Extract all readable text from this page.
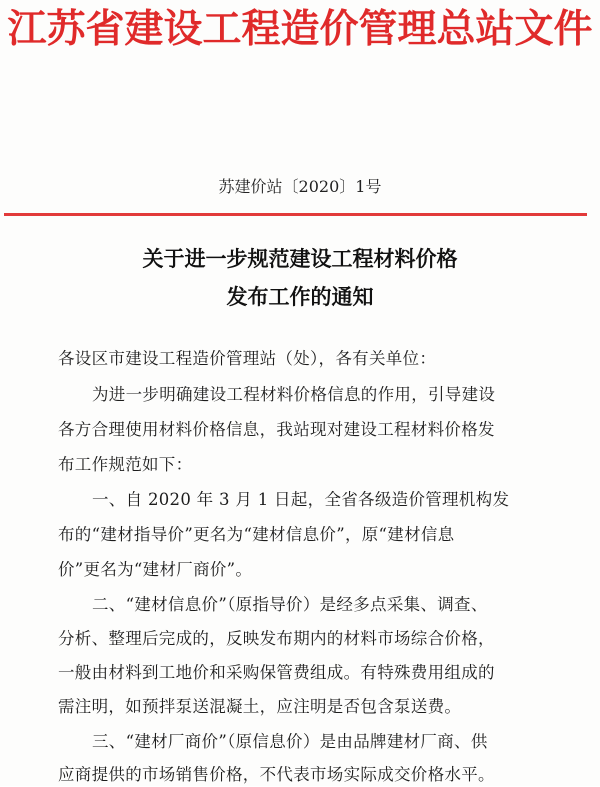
江苏省建设工程造价管理总站文件
苏建价站〔2020〕1号
关于进一步规范建设工程材料价格
发布工作的通知
各设区市建设工程造价管理站（处），各有关单位：
为进一步明确建设工程材料价格信息的作用，引导建设
各方合理使用材料价格信息，我站现对建设工程材料价格发
布工作规范如下：
一、自 2020 年 3 月 1 日起，全省各级造价管理机构发
布的“建材指导价”更名为“建材信息价”，原“建材信息
价”更名为“建材厂商价”。
二、“建材信息价”（原指导价）是经多点采集、调查、
分析、整理后完成的，反映发布期内的材料市场综合价格，
一般由材料到工地价和采购保管费组成。有特殊费用组成的
需注明，如预拌泵送混凝土，应注明是否包含泵送费。
三、“建材厂商价”（原信息价）是由品牌建材厂商、供
应商提供的市场销售价格，不代表市场实际成交价格水平。
